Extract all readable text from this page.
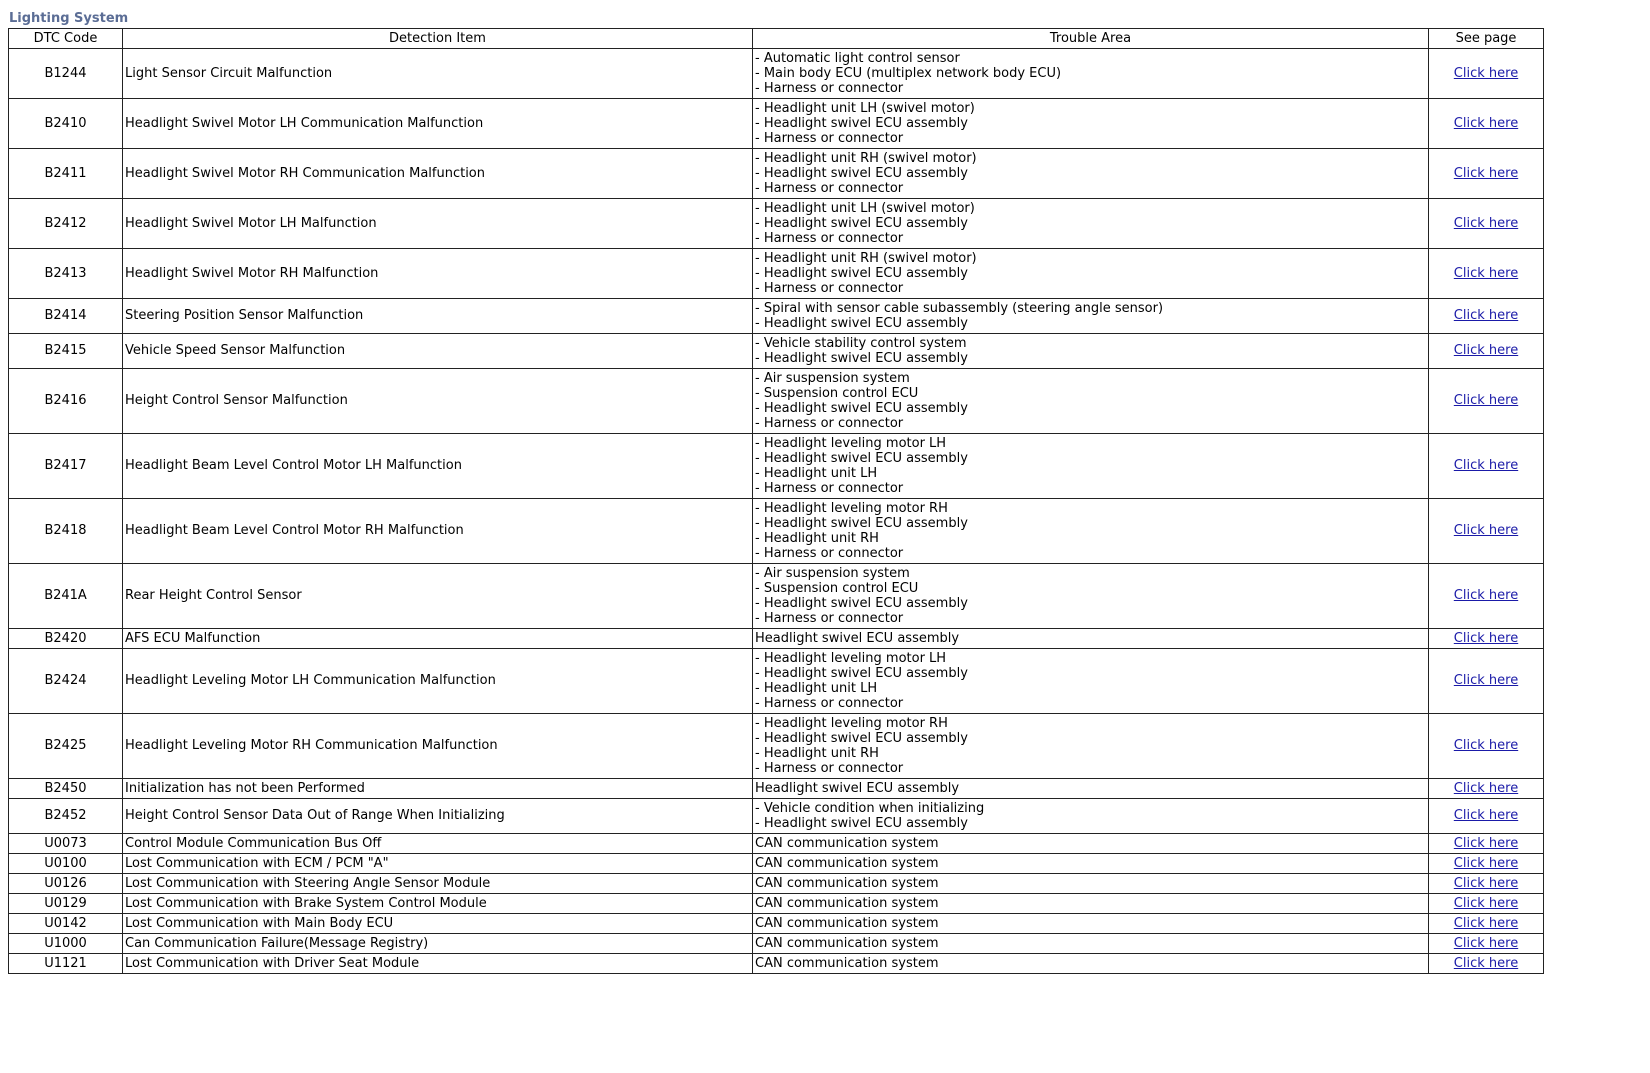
Lighting System
DTC Code	Detection Item	Trouble Area	See page
B1244	Light Sensor Circuit Malfunction	- Automatic light control sensor
- Main body ECU (multiplex network body ECU)
- Harness or connector	Click here
B2410	Headlight Swivel Motor LH Communication Malfunction	- Headlight unit LH (swivel motor)
- Headlight swivel ECU assembly
- Harness or connector	Click here
B2411	Headlight Swivel Motor RH Communication Malfunction	- Headlight unit RH (swivel motor)
- Headlight swivel ECU assembly
- Harness or connector	Click here
B2412	Headlight Swivel Motor LH Malfunction	- Headlight unit LH (swivel motor)
- Headlight swivel ECU assembly
- Harness or connector	Click here
B2413	Headlight Swivel Motor RH Malfunction	- Headlight unit RH (swivel motor)
- Headlight swivel ECU assembly
- Harness or connector	Click here
B2414	Steering Position Sensor Malfunction	- Spiral with sensor cable subassembly (steering angle sensor)
- Headlight swivel ECU assembly	Click here
B2415	Vehicle Speed Sensor Malfunction	- Vehicle stability control system
- Headlight swivel ECU assembly	Click here
B2416	Height Control Sensor Malfunction	- Air suspension system
- Suspension control ECU
- Headlight swivel ECU assembly
- Harness or connector	Click here
B2417	Headlight Beam Level Control Motor LH Malfunction	- Headlight leveling motor LH
- Headlight swivel ECU assembly
- Headlight unit LH
- Harness or connector	Click here
B2418	Headlight Beam Level Control Motor RH Malfunction	- Headlight leveling motor RH
- Headlight swivel ECU assembly
- Headlight unit RH
- Harness or connector	Click here
B241A	Rear Height Control Sensor	- Air suspension system
- Suspension control ECU
- Headlight swivel ECU assembly
- Harness or connector	Click here
B2420	AFS ECU Malfunction	Headlight swivel ECU assembly	Click here
B2424	Headlight Leveling Motor LH Communication Malfunction	- Headlight leveling motor LH
- Headlight swivel ECU assembly
- Headlight unit LH
- Harness or connector	Click here
B2425	Headlight Leveling Motor RH Communication Malfunction	- Headlight leveling motor RH
- Headlight swivel ECU assembly
- Headlight unit RH
- Harness or connector	Click here
B2450	Initialization has not been Performed	Headlight swivel ECU assembly	Click here
B2452	Height Control Sensor Data Out of Range When Initializing	- Vehicle condition when initializing
- Headlight swivel ECU assembly	Click here
U0073	Control Module Communication Bus Off	CAN communication system	Click here
U0100	Lost Communication with ECM / PCM "A"	CAN communication system	Click here
U0126	Lost Communication with Steering Angle Sensor Module	CAN communication system	Click here
U0129	Lost Communication with Brake System Control Module	CAN communication system	Click here
U0142	Lost Communication with Main Body ECU	CAN communication system	Click here
U1000	Can Communication Failure(Message Registry)	CAN communication system	Click here
U1121	Lost Communication with Driver Seat Module	CAN communication system	Click here
